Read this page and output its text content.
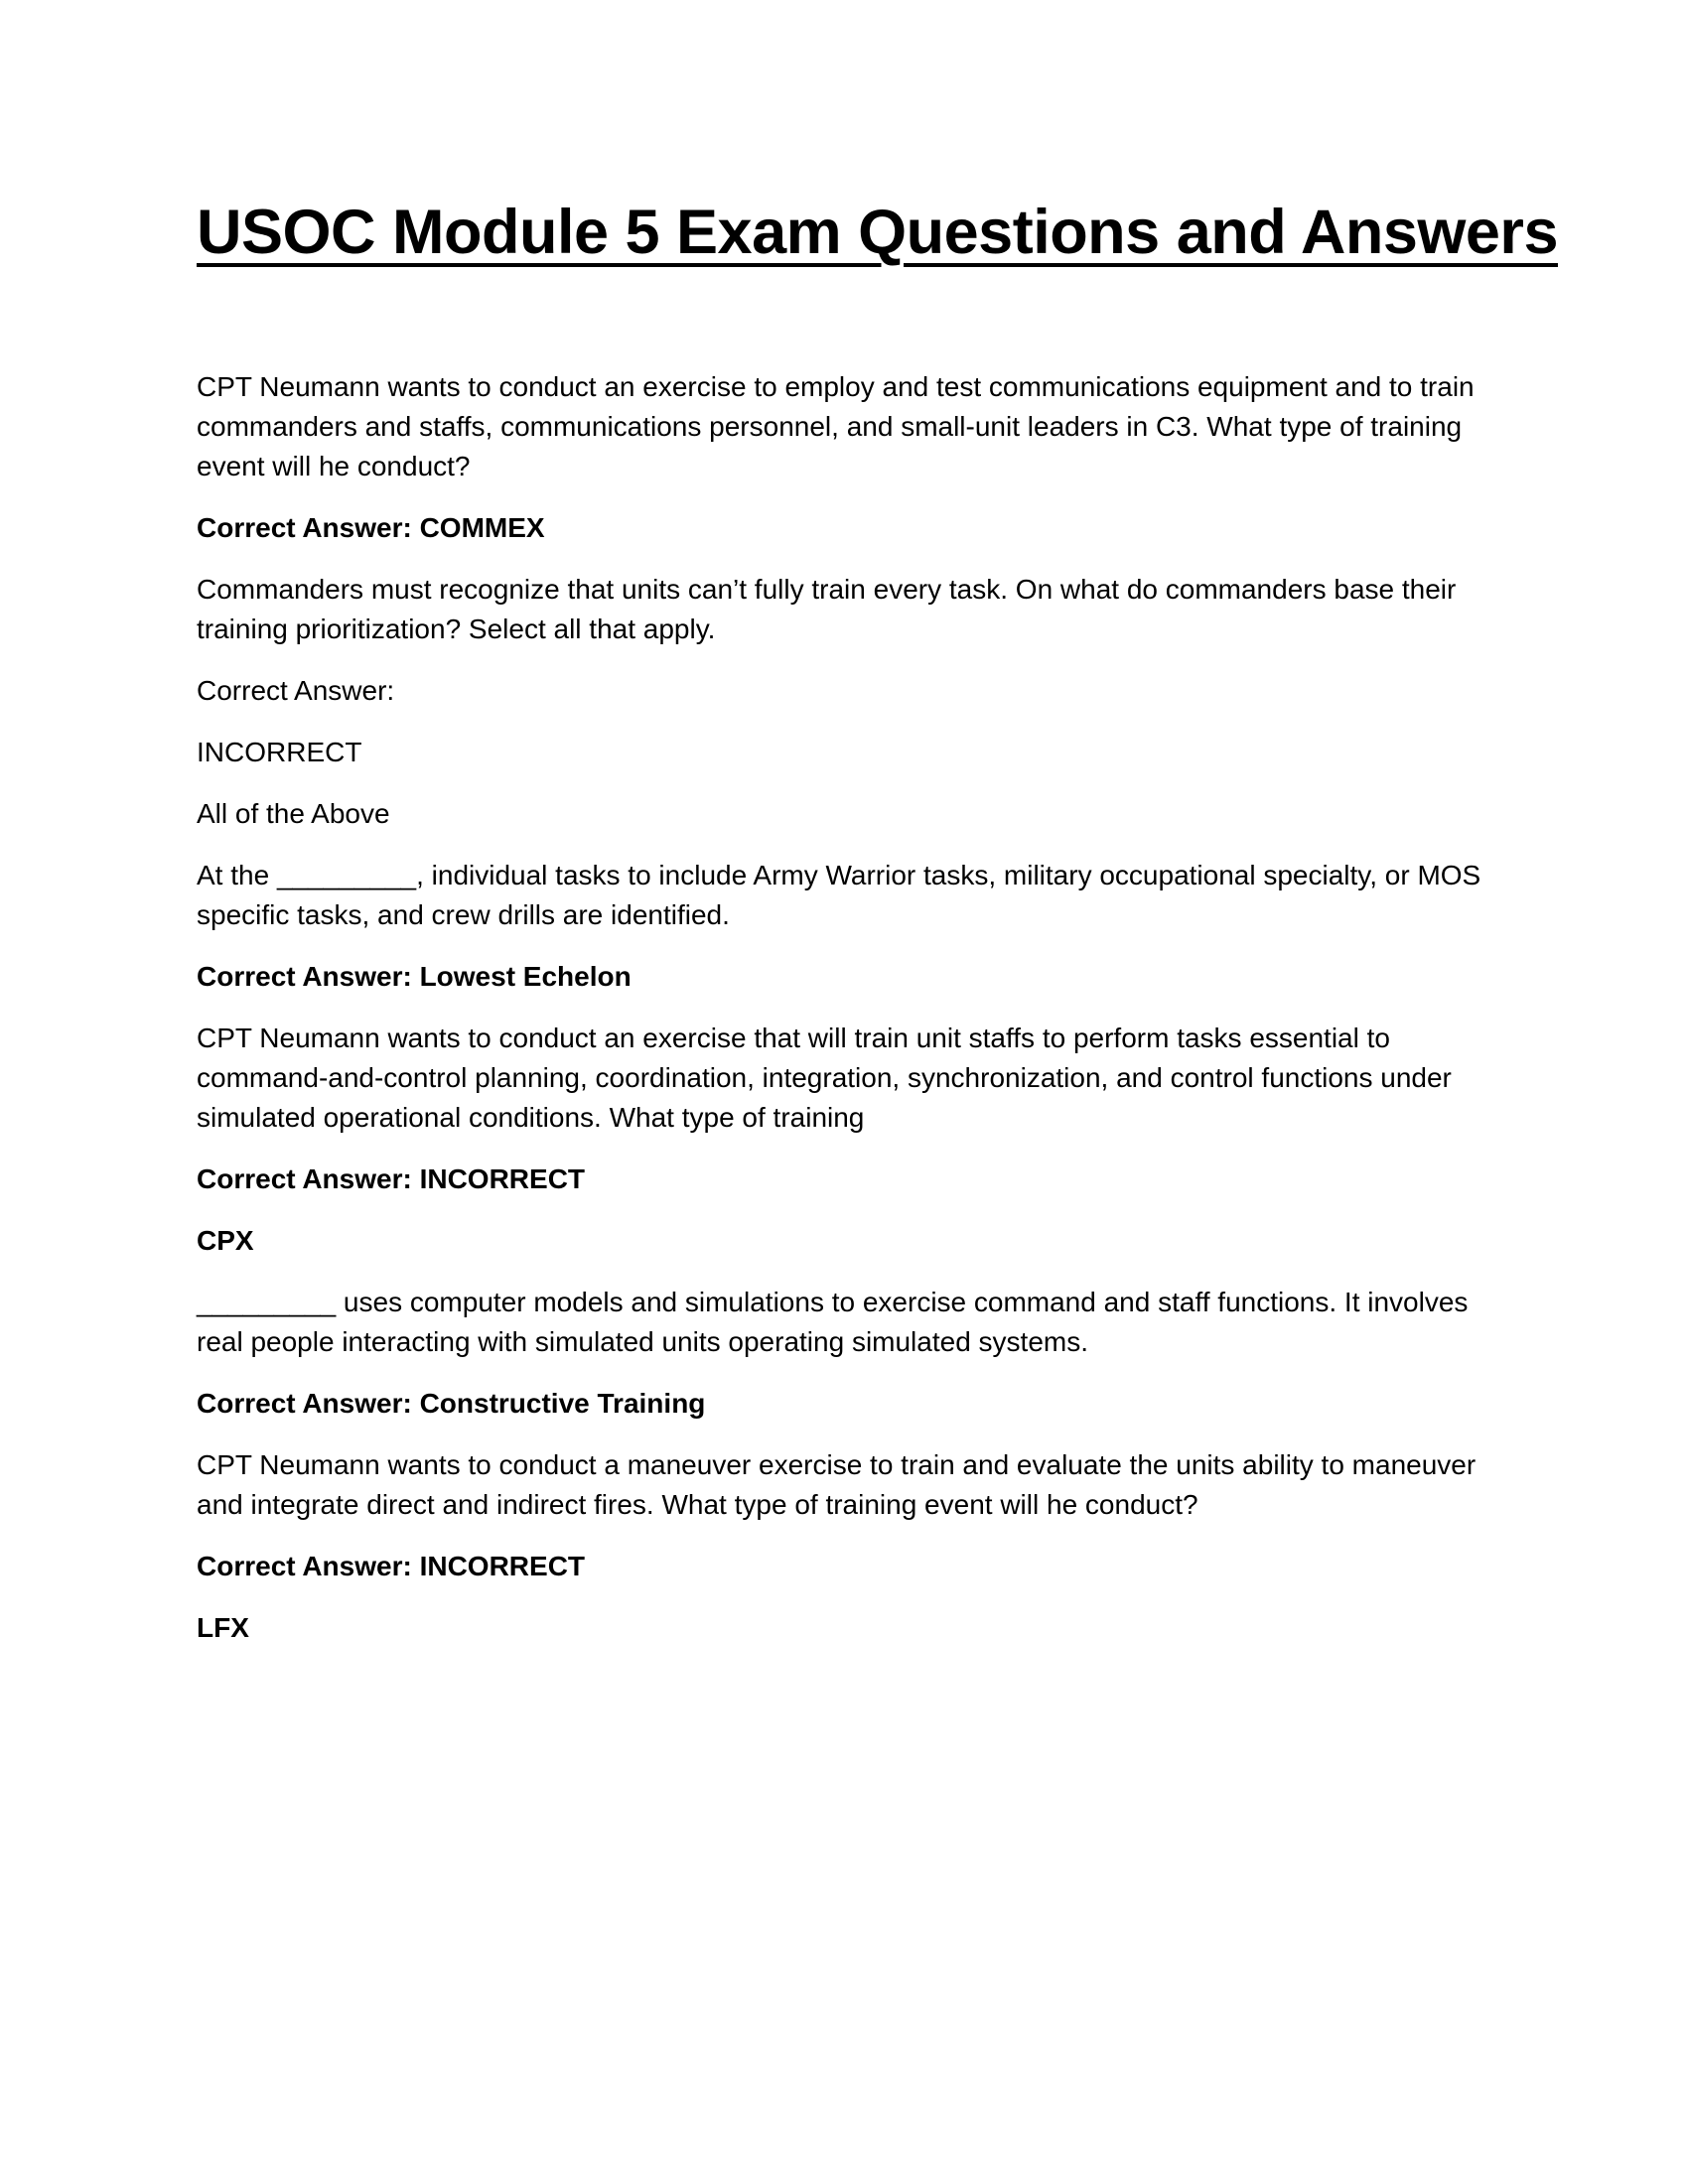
USOC Module 5 Exam Questions and Answers

CPT Neumann wants to conduct an exercise to employ and test communications equipment and to train commanders and staffs, communications personnel, and small-unit leaders in C3. What type of training event will he conduct?

Correct Answer: COMMEX

Commanders must recognize that units can’t fully train every task. On what do commanders base their training prioritization? Select all that apply.

Correct Answer:

INCORRECT

All of the Above

At the _________, individual tasks to include Army Warrior tasks, military occupational specialty, or MOS specific tasks, and crew drills are identified.

Correct Answer: Lowest Echelon

CPT Neumann wants to conduct an exercise that will train unit staffs to perform tasks essential to command-and-control planning, coordination, integration, synchronization, and control functions under simulated operational conditions. What type of training

Correct Answer: INCORRECT

CPX

_________ uses computer models and simulations to exercise command and staff functions. It involves real people interacting with simulated units operating simulated systems.

Correct Answer: Constructive Training

CPT Neumann wants to conduct a maneuver exercise to train and evaluate the units ability to maneuver and integrate direct and indirect fires. What type of training event will he conduct?

Correct Answer: INCORRECT

LFX
